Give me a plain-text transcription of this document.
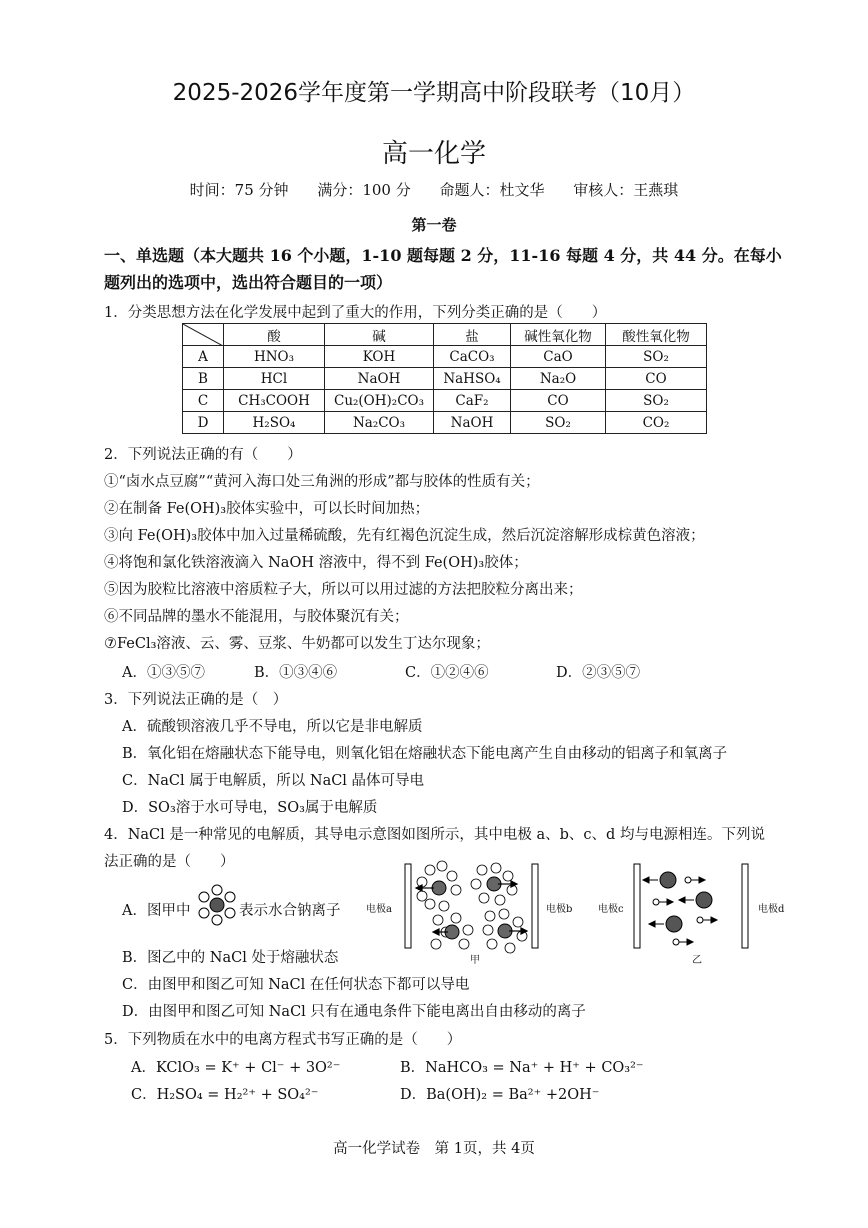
2025-2026学年度第一学期高中阶段联考（10月）
高一化学
时间：75 分钟 满分：100 分 命题人：杜文华 审核人：王燕琪
第一卷
一、单选题（本大题共 16 个小题，1-10 题每题 2 分，11-16 每题 4 分，共 44 分。在每小
题列出的选项中，选出符合题目的一项）
1．分类思想方法在化学发展中起到了重大的作用，下列分类正确的是（　　）
	酸	碱	盐	碱性氧化物	酸性氧化物
A	HNO₃	KOH	CaCO₃	CaO	SO₂
B	HCl	NaOH	NaHSO₄	Na₂O	CO
C	CH₃COOH	Cu₂(OH)₂CO₃	CaF₂	CO	SO₂
D	H₂SO₄	Na₂CO₃	NaOH	SO₂	CO₂
2．下列说法正确的有（　　）
①“卤水点豆腐”“黄河入海口处三角洲的形成”都与胶体的性质有关；
②在制备 Fe(OH)₃胶体实验中，可以长时间加热；
③向 Fe(OH)₃胶体中加入过量稀硫酸，先有红褐色沉淀生成，然后沉淀溶解形成棕黄色溶液；
④将饱和氯化铁溶液滴入 NaOH 溶液中，得不到 Fe(OH)₃胶体；
⑤因为胶粒比溶液中溶质粒子大，所以可以用过滤的方法把胶粒分离出来；
⑥不同品牌的墨水不能混用，与胶体聚沉有关；
⑦FeCl₃溶液、云、雾、豆浆、牛奶都可以发生丁达尔现象；
A．①③⑤⑦	B．①③④⑥	C．①②④⑥	D．②③⑤⑦
3．下列说法正确的是（　）
A．硫酸钡溶液几乎不导电，所以它是非电解质
B．氧化铝在熔融状态下能导电，则氧化铝在熔融状态下能电离产生自由移动的铝离子和氧离子
C．NaCl 属于电解质，所以 NaCl 晶体可导电
D．SO₃溶于水可导电，SO₃属于电解质
4．NaCl 是一种常见的电解质，其导电示意图如图所示，其中电极 a、b、c、d 均与电源相连。下列说
法正确的是（　　）
A．图甲中	表示水合钠离子	电极a	电极b
甲
电极c	电极d
乙
B．图乙中的 NaCl 处于熔融状态
C．由图甲和图乙可知 NaCl 在任何状态下都可以导电
D．由图甲和图乙可知 NaCl 只有在通电条件下能电离出自由移动的离子
5．下列物质在水中的电离方程式书写正确的是（　　）
A．KClO₃ = K⁺ + Cl⁻ + 3O²⁻	B．NaHCO₃ = Na⁺ + H⁺ + CO₃²⁻
C．H₂SO₄ = H₂²⁺ + SO₄²⁻	D．Ba(OH)₂ = Ba²⁺ +2OH⁻
高一化学试卷　第 1页，共 4页
